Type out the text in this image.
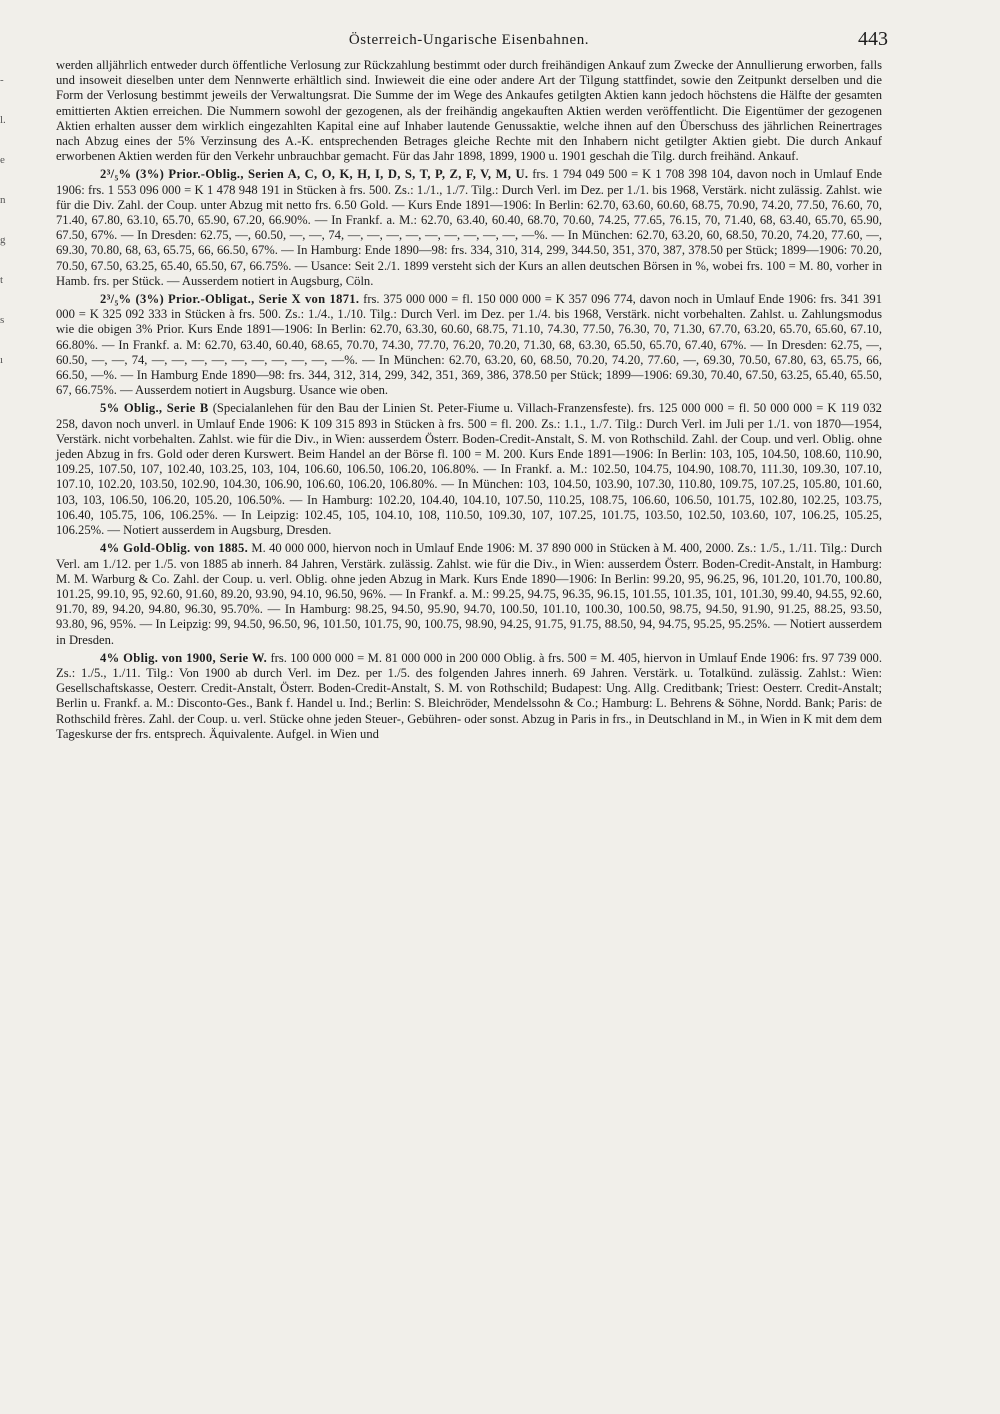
-
l.
e
n
g
t
s
ı
Österreich-Ungarische Eisenbahnen.	443

werden alljährlich entweder durch öffentliche Verlosung zur Rückzahlung bestimmt oder durch freihändigen Ankauf zum Zwecke der Annullierung erworben, falls und insoweit dieselben unter dem Nennwerte erhältlich sind. Inwieweit die eine oder andere Art der Tilgung stattfindet, sowie den Zeitpunkt derselben und die Form der Verlosung bestimmt jeweils der Verwaltungsrat. Die Summe der im Wege des Ankaufes getilgten Aktien kann jedoch höchstens die Hälfte der gesamten emittierten Aktien erreichen. Die Nummern sowohl der gezogenen, als der freihändig angekauften Aktien werden veröffentlicht. Die Eigentümer der gezogenen Aktien erhalten ausser dem wirklich eingezahlten Kapital eine auf Inhaber lautende Genussaktie, welche ihnen auf den Überschuss des jährlichen Reinertrages nach Abzug eines der 5% Verzinsung des A.-K. entsprechenden Betrages gleiche Rechte mit den Inhabern nicht getilgter Aktien giebt. Die durch Ankauf erworbenen Aktien werden für den Verkehr unbrauchbar gemacht. Für das Jahr 1898, 1899, 1900 u. 1901 geschah die Tilg. durch freihänd. Ankauf.

2³/₅% (3%) Prior.-Oblig., Serien A, C, O, K, H, I, D, S, T, P, Z, F, V, M, U. frs. 1 794 049 500 = K 1 708 398 104, davon noch in Umlauf Ende 1906: frs. 1 553 096 000 = K 1 478 948 191 in Stücken à frs. 500. Zs.: 1./1., 1./7. Tilg.: Durch Verl. im Dez. per 1./1. bis 1968, Verstärk. nicht zulässig. Zahlst. wie für die Div. Zahl. der Coup. unter Abzug mit netto frs. 6.50 Gold. — Kurs Ende 1891—1906: In Berlin: 62.70, 63.60, 60.60, 68.75, 70.90, 74.20, 77.50, 76.60, 70, 71.40, 67.80, 63.10, 65.70, 65.90, 67.20, 66.90%. — In Frankf. a. M.: 62.70, 63.40, 60.40, 68.70, 70.60, 74.25, 77.65, 76.15, 70, 71.40, 68, 63.40, 65.70, 65.90, 67.50, 67%. — In Dresden: 62.75, —, 60.50, —, —, 74, —, —, —, —, —, —, —, —, —, —%. — In München: 62.70, 63.20, 60, 68.50, 70.20, 74.20, 77.60, —, 69.30, 70.80, 68, 63, 65.75, 66, 66.50, 67%. — In Hamburg: Ende 1890—98: frs. 334, 310, 314, 299, 344.50, 351, 370, 387, 378.50 per Stück; 1899—1906: 70.20, 70.50, 67.50, 63.25, 65.40, 65.50, 67, 66.75%. — Usance: Seit 2./1. 1899 versteht sich der Kurs an allen deutschen Börsen in %, wobei frs. 100 = M. 80, vorher in Hamb. frs. per Stück. — Ausserdem notiert in Augsburg, Cöln.

2³/₅% (3%) Prior.-Obligat., Serie X von 1871. frs. 375 000 000 = fl. 150 000 000 = K 357 096 774, davon noch in Umlauf Ende 1906: frs. 341 391 000 = K 325 092 333 in Stücken à frs. 500. Zs.: 1./4., 1./10. Tilg.: Durch Verl. im Dez. per 1./4. bis 1968, Verstärk. nicht vorbehalten. Zahlst. u. Zahlungsmodus wie die obigen 3% Prior. Kurs Ende 1891—1906: In Berlin: 62.70, 63.30, 60.60, 68.75, 71.10, 74.30, 77.50, 76.30, 70, 71.30, 67.70, 63.20, 65.70, 65.60, 67.10, 66.80%. — In Frankf. a. M: 62.70, 63.40, 60.40, 68.65, 70.70, 74.30, 77.70, 76.20, 70.20, 71.30, 68, 63.30, 65.50, 65.70, 67.40, 67%. — In Dresden: 62.75, —, 60.50, —, —, 74, —, —, —, —, —, —, —, —, —, —%. — In München: 62.70, 63.20, 60, 68.50, 70.20, 74.20, 77.60, —, 69.30, 70.50, 67.80, 63, 65.75, 66, 66.50, —%. — In Hamburg Ende 1890—98: frs. 344, 312, 314, 299, 342, 351, 369, 386, 378.50 per Stück; 1899—1906: 69.30, 70.40, 67.50, 63.25, 65.40, 65.50, 67, 66.75%. — Ausserdem notiert in Augsburg. Usance wie oben.

5% Oblig., Serie B (Specialanlehen für den Bau der Linien St. Peter-Fiume u. Villach-Franzensfeste). frs. 125 000 000 = fl. 50 000 000 = K 119 032 258, davon noch unverl. in Umlauf Ende 1906: K 109 315 893 in Stücken à frs. 500 = fl. 200. Zs.: 1.1., 1./7. Tilg.: Durch Verl. im Juli per 1./1. von 1870—1954, Verstärk. nicht vorbehalten. Zahlst. wie für die Div., in Wien: ausserdem Österr. Boden-Credit-Anstalt, S. M. von Rothschild. Zahl. der Coup. und verl. Oblig. ohne jeden Abzug in frs. Gold oder deren Kurswert. Beim Handel an der Börse fl. 100 = M. 200. Kurs Ende 1891—1906: In Berlin: 103, 105, 104.50, 108.60, 110.90, 109.25, 107.50, 107, 102.40, 103.25, 103, 104, 106.60, 106.50, 106.20, 106.80%. — In Frankf. a. M.: 102.50, 104.75, 104.90, 108.70, 111.30, 109.30, 107.10, 107.10, 102.20, 103.50, 102.90, 104.30, 106.90, 106.60, 106.20, 106.80%. — In München: 103, 104.50, 103.90, 107.30, 110.80, 109.75, 107.25, 105.80, 101.60, 103, 103, 106.50, 106.20, 105.20, 106.50%. — In Hamburg: 102.20, 104.40, 104.10, 107.50, 110.25, 108.75, 106.60, 106.50, 101.75, 102.80, 102.25, 103.75, 106.40, 105.75, 106, 106.25%. — In Leipzig: 102.45, 105, 104.10, 108, 110.50, 109.30, 107, 107.25, 101.75, 103.50, 102.50, 103.60, 107, 106.25, 105.25, 106.25%. — Notiert ausserdem in Augsburg, Dresden.

4% Gold-Oblig. von 1885. M. 40 000 000, hiervon noch in Umlauf Ende 1906: M. 37 890 000 in Stücken à M. 400, 2000. Zs.: 1./5., 1./11. Tilg.: Durch Verl. am 1./12. per 1./5. von 1885 ab innerh. 84 Jahren, Verstärk. zulässig. Zahlst. wie für die Div., in Wien: ausserdem Österr. Boden-Credit-Anstalt, in Hamburg: M. M. Warburg & Co. Zahl. der Coup. u. verl. Oblig. ohne jeden Abzug in Mark. Kurs Ende 1890—1906: In Berlin: 99.20, 95, 96.25, 96, 101.20, 101.70, 100.80, 101.25, 99.10, 95, 92.60, 91.60, 89.20, 93.90, 94.10, 96.50, 96%. — In Frankf. a. M.: 99.25, 94.75, 96.35, 96.15, 101.55, 101.35, 101, 101.30, 99.40, 94.55, 92.60, 91.70, 89, 94.20, 94.80, 96.30, 95.70%. — In Hamburg: 98.25, 94.50, 95.90, 94.70, 100.50, 101.10, 100.30, 100.50, 98.75, 94.50, 91.90, 91.25, 88.25, 93.50, 93.80, 96, 95%. — In Leipzig: 99, 94.50, 96.50, 96, 101.50, 101.75, 90, 100.75, 98.90, 94.25, 91.75, 91.75, 88.50, 94, 94.75, 95.25, 95.25%. — Notiert ausserdem in Dresden.

4% Oblig. von 1900, Serie W. frs. 100 000 000 = M. 81 000 000 in 200 000 Oblig. à frs. 500 = M. 405, hiervon in Umlauf Ende 1906: frs. 97 739 000. Zs.: 1./5., 1./11. Tilg.: Von 1900 ab durch Verl. im Dez. per 1./5. des folgenden Jahres innerh. 69 Jahren. Verstärk. u. Totalkünd. zulässig. Zahlst.: Wien: Gesellschaftskasse, Oesterr. Credit-Anstalt, Österr. Boden-Credit-Anstalt, S. M. von Rothschild; Budapest: Ung. Allg. Creditbank; Triest: Oesterr. Credit-Anstalt; Berlin u. Frankf. a. M.: Disconto-Ges., Bank f. Handel u. Ind.; Berlin: S. Bleichröder, Mendelssohn & Co.; Hamburg: L. Behrens & Söhne, Nordd. Bank; Paris: de Rothschild frères. Zahl. der Coup. u. verl. Stücke ohne jeden Steuer-, Gebühren- oder sonst. Abzug in Paris in frs., in Deutschland in M., in Wien in K mit dem dem Tageskurse der frs. entsprech. Äquivalente. Aufgel. in Wien und
